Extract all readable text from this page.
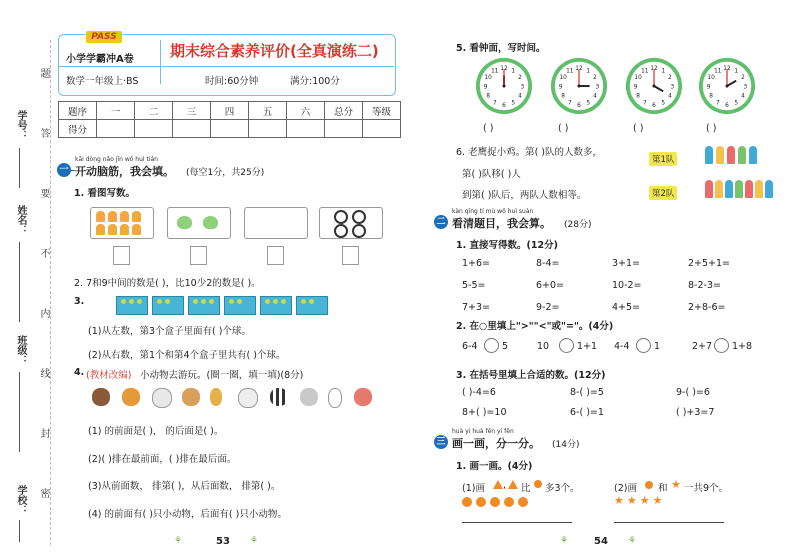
学校：
班级：
姓名：
学号：
题
答
要
不
内
线
封
密
PASS
小学学霸冲A卷 期末综合素养评价(全真演练二)
数学一年级上·BS	时间:60分钟	满分:100分
题序	一	二	三	四	五	六	总分	等级
得分								
kāi dòng nǎo jīn wǒ huì tián
一 开动脑筋，我会填。 (每空1分，共25分)
1. 看图写数。
2. 7和9中间的数是( )，比10少2的数是( )。
3.
(1)从左数，第3个盒子里面有( )个球。
(2)从右数，第1个和第4个盒子里共有( )个球。
4. (教材改编) 小动物去游玩。(圈一圈，填一填)(8分)
(1) 的前面是( )， 的后面是( )。
(2)( )排在最前面，( )排在最后面。
(3)从前面数， 排第( )，从后面数， 排第( )。
(4) 的前面有( )只小动物，后面有( )只小动物。
⚘	53 ⚘
5. 看钟面，写时间。
1
2
3
4
5
6
7
8
9
10
11 12	1
2
3
4
5
6
7
8
9
10
11 12	1
2
3
4
5
6
7
8
9
10
11 12	1
2
3
4
5
6
7
8
9
10
11 12
( )	( )	( )	( )
6. 老鹰捉小鸡。第( )队的人数多，
第( )队移( )人
第1队
第2队
kàn qīng tí mù wǒ huì suàn
二 看清题目，我会算。 (28分)
1. 直接写得数。(12分)
1+6=	8-4=	3+1=	2+5+1=
5-5=	6+0=	10-2=	8-2-3=
7+3=	9-2=	4+5=	2+8-6=
2. 在○里填上">""<"或"="。(4分)
6-4	5	10	1+1 4-4	1	2+7 1+8
3. 在括号里填上合适的数。(12分)
( )-4=6	8-( )=5	9-( )=6
8+( )=10	6-( )=1	( )+3=7
huà yi huà fēn yi fēn
三 画一画，分一分。 (14分)
1. 画一画。(4分)
(1)画 , 比 多3个。	(2)画 和 ★ 一共9个。
★★★★
⚘	54 ⚘
到第( )队后，两队人数相等。
